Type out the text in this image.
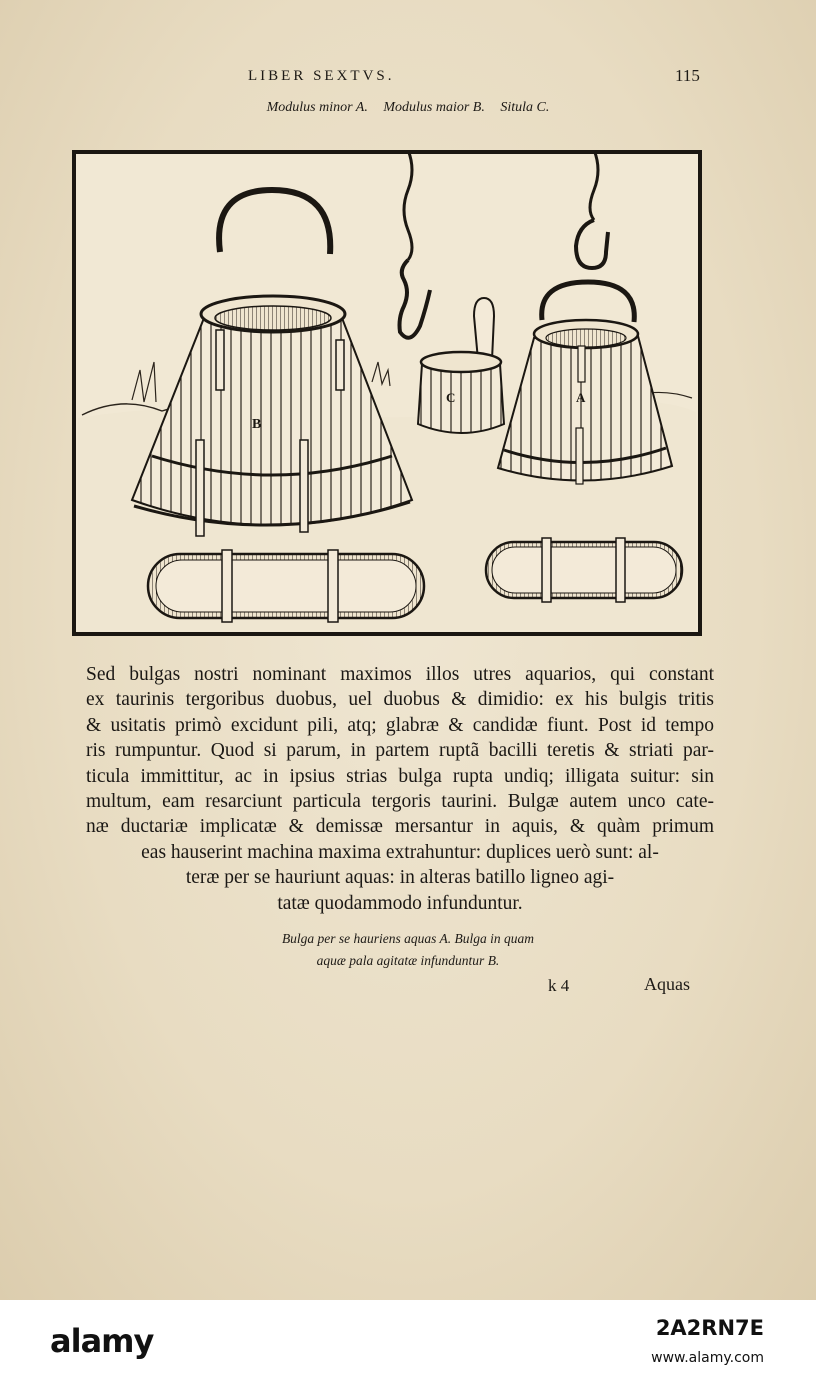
LIBER SEXTVS.	115
Modulus minor A. Modulus maior B. Situla C.
B
C	A
Sed bulgas nostri nominant maximos illos utres aquarios, qui constant
ex taurinis tergoribus duobus, uel duobus & dimidio: ex his bulgis tritis
& usitatis primò excidunt pili, atq; glabræ & candidæ fiunt. Post id tempo
ris rumpuntur. Quod si parum, in partem ruptã bacilli teretis & striati par-
ticula immittitur, ac in ipsius strias bulga rupta undiq; illigata suitur: sin
multum, eam resarciunt particula tergoris taurini. Bulgæ autem unco cate-
næ ductariæ implicatæ & demissæ mersantur in aquis, & quàm primum
eas hauserint machina maxima extrahuntur: duplices uerò sunt: al-
teræ per se hauriunt aquas: in alteras batillo ligneo agi-
tatæ quodammodo infunduntur.
Bulga per se hauriens aquas A. Bulga in quam
aquæ pala agitatæ infunduntur B.
k 4	Aquas
alamy	2A2RN7E
www.alamy.com
